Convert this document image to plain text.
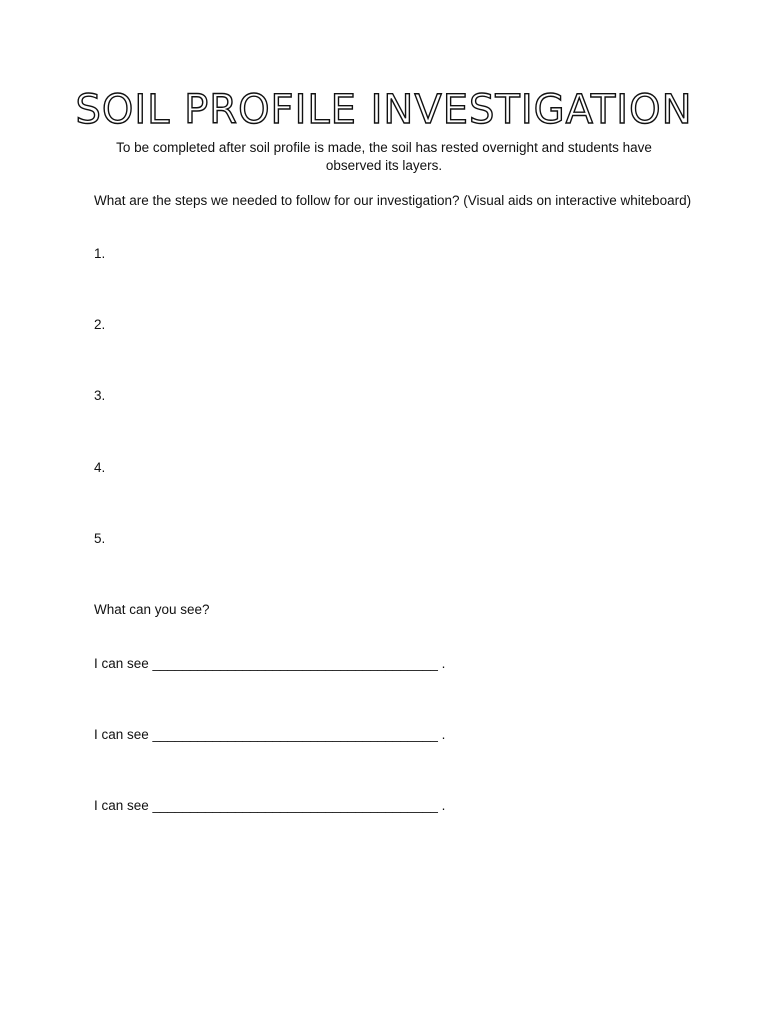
SOIL PROFILE INVESTIGATION
To be completed after soil profile is made, the soil has rested overnight and students have observed its layers.
What are the steps we needed to follow for our investigation? (Visual aids on interactive whiteboard)
1.
2.
3.
4.
5.
What can you see?
I can see ______________________________________ .
I can see ______________________________________ .
I can see ______________________________________ .
